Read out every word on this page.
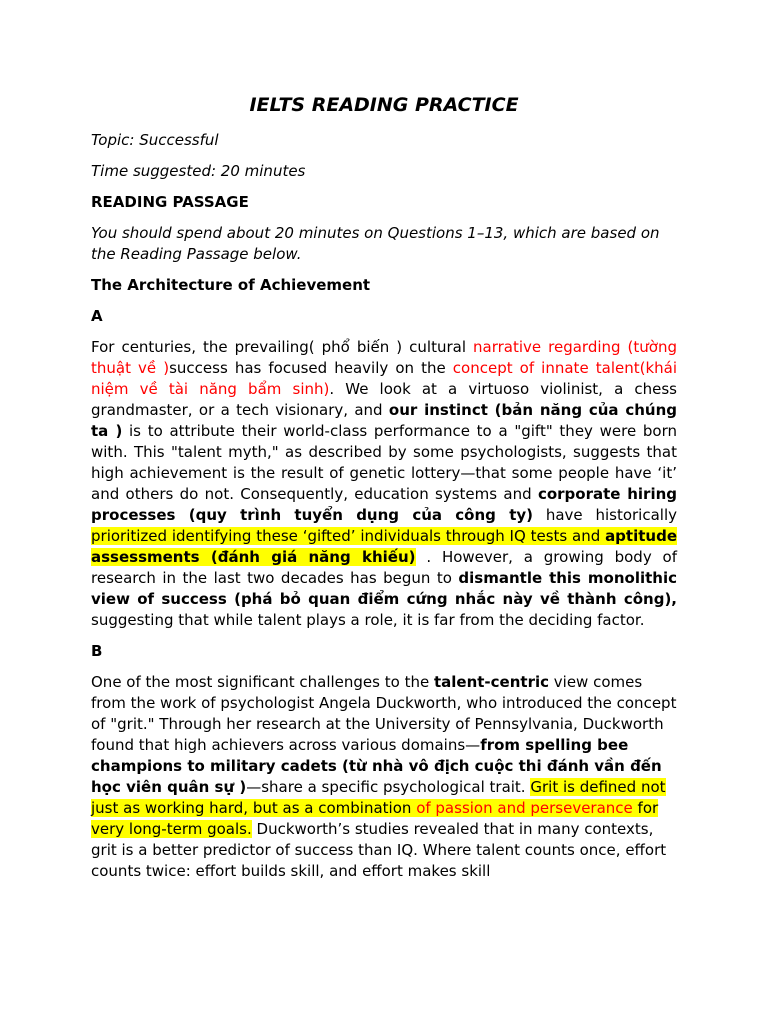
IELTS READING PRACTICE

Topic: Successful

Time suggested: 20 minutes

READING PASSAGE

You should spend about 20 minutes on Questions 1–13, which are based on the Reading Passage below.

The Architecture of Achievement

A

For centuries, the prevailing( phổ biến ) cultural narrative regarding (tường thuật về )success has focused heavily on the concept of innate talent(khái niệm về tài năng bẩm sinh). We look at a virtuoso violinist, a chess grandmaster, or a tech visionary, and our instinct (bản năng của chúng ta ) is to attribute their world-class performance to a "gift" they were born with. This "talent myth," as described by some psychologists, suggests that high achievement is the result of genetic lottery—that some people have ‘it’ and others do not. Consequently, education systems and corporate hiring processes (quy trình tuyển dụng của công ty) have historically prioritized identifying these ‘gifted’ individuals through IQ tests and aptitude assessments (đánh giá năng khiếu) . However, a growing body of research in the last two decades has begun to dismantle this monolithic view of success (phá bỏ quan điểm cứng nhắc này về thành công), suggesting that while talent plays a role, it is far from the deciding factor.

B

One of the most significant challenges to the talent-centric view comes from the work of psychologist Angela Duckworth, who introduced the concept of "grit." Through her research at the University of Pennsylvania, Duckworth found that high achievers across various domains—from spelling bee champions to military cadets (từ nhà vô địch cuộc thi đánh vần đến học viên quân sự )—share a specific psychological trait. Grit is defined not just as working hard, but as a combination of passion and perseverance for very long-term goals. Duckworth’s studies revealed that in many contexts, grit is a better predictor of success than IQ. Where talent counts once, effort counts twice: effort builds skill, and effort makes skill
